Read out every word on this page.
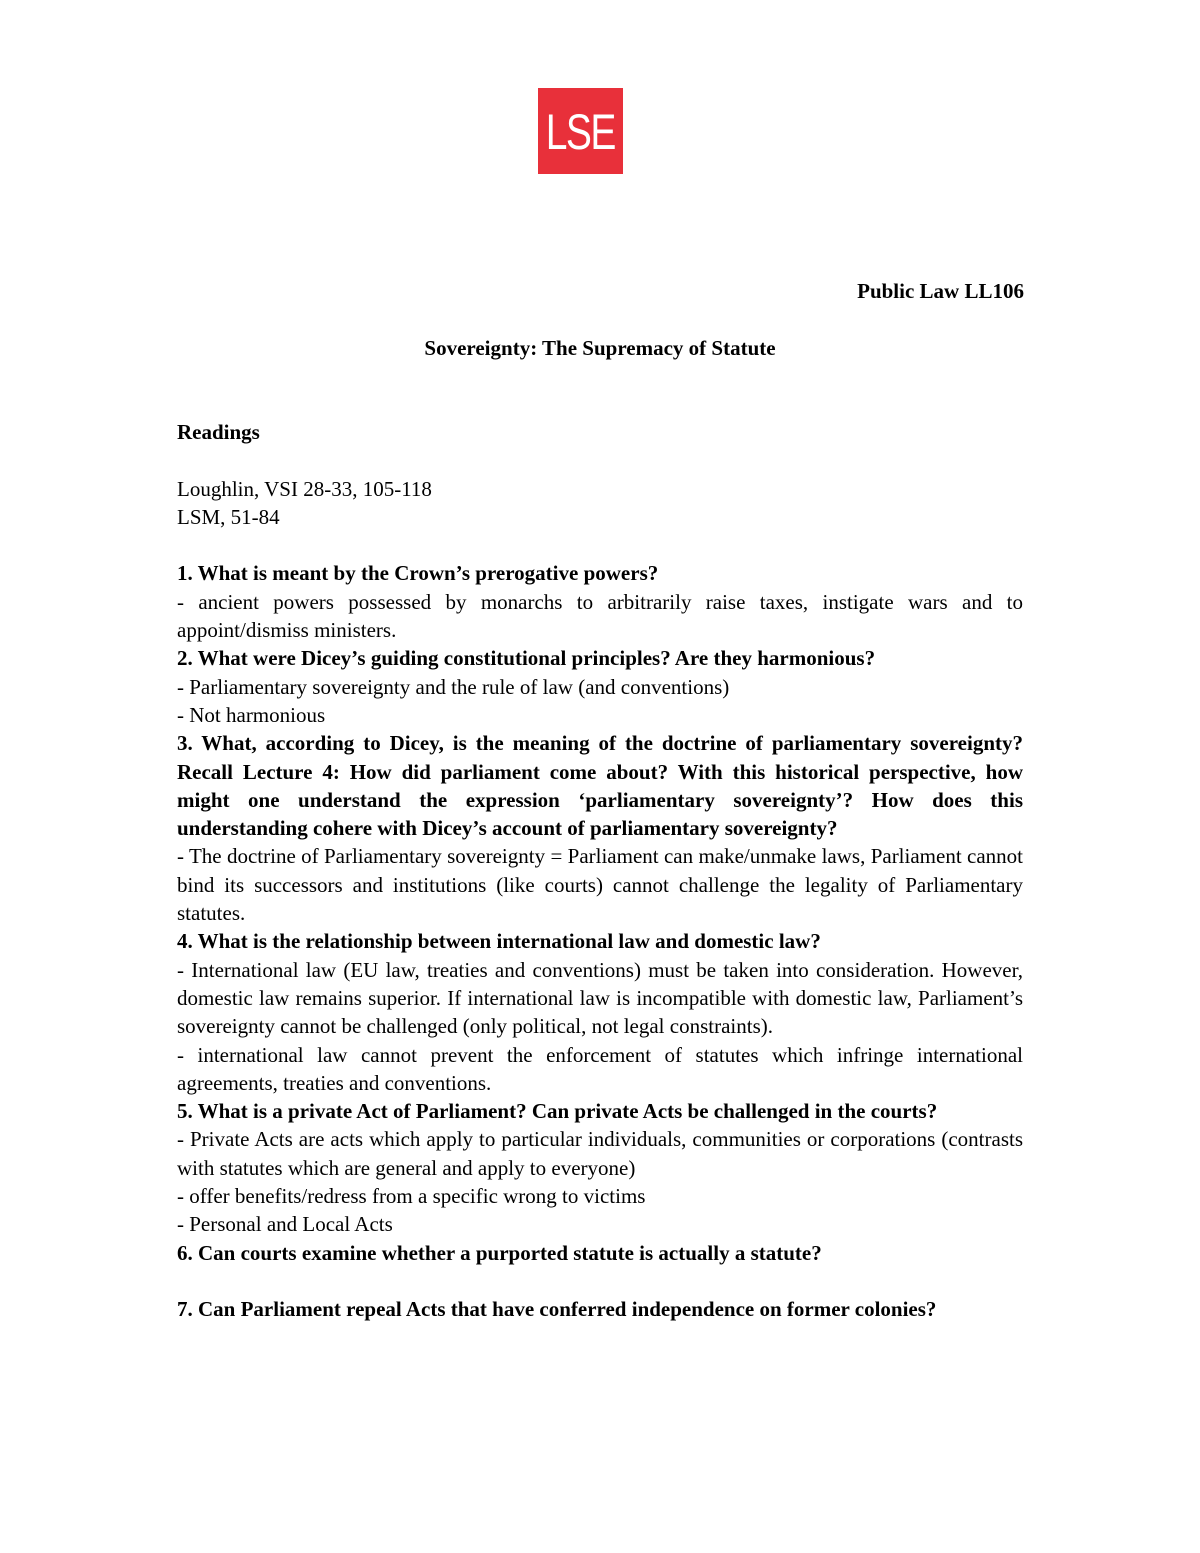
LSE
Public Law LL106
Sovereignty: The Supremacy of Statute

Readings

Loughlin, VSI 28-33, 105-118

LSM, 51-84

1. What is meant by the Crown’s prerogative powers?

- ancient powers possessed by monarchs to arbitrarily raise taxes, instigate wars and to appoint/dismiss ministers.

2. What were Dicey’s guiding constitutional principles? Are they harmonious?

- Parliamentary sovereignty and the rule of law (and conventions)

- Not harmonious

3. What, according to Dicey, is the meaning of the doctrine of parliamentary sovereignty? Recall Lecture 4: How did parliament come about? With this historical perspective, how might one understand the expression ‘parliamentary sovereignty’? How does this understanding cohere with Dicey’s account of parliamentary sovereignty?

- The doctrine of Parliamentary sovereignty = Parliament can make/unmake laws, Parliament cannot bind its successors and institutions (like courts) cannot challenge the legality of Parliamentary statutes.

4. What is the relationship between international law and domestic law?

- International law (EU law, treaties and conventions) must be taken into consideration. However, domestic law remains superior. If international law is incompatible with domestic law, Parliament’s sovereignty cannot be challenged (only political, not legal constraints).

- international law cannot prevent the enforcement of statutes which infringe international agreements, treaties and conventions.

5. What is a private Act of Parliament? Can private Acts be challenged in the courts?

- Private Acts are acts which apply to particular individuals, communities or corporations (contrasts with statutes which are general and apply to everyone)

- offer benefits/redress from a specific wrong to victims

- Personal and Local Acts

6. Can courts examine whether a purported statute is actually a statute?

7. Can Parliament repeal Acts that have conferred independence on former colonies?
